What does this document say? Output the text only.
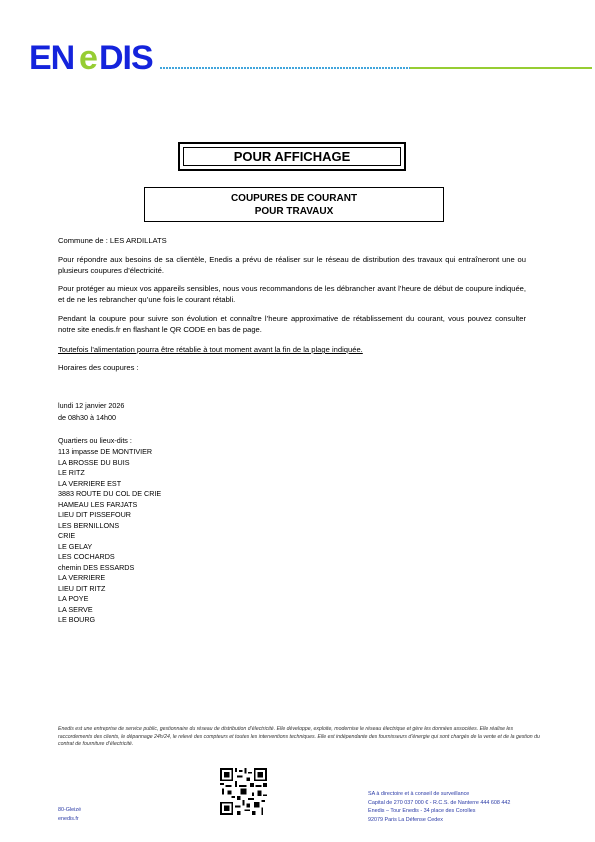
EN e DIS
POUR AFFICHAGE
COUPURES DE COURANT
POUR TRAVAUX
Commune de : LES ARDILLATS
Pour répondre aux besoins de sa clientèle, Enedis a prévu de réaliser sur le réseau de distribution des travaux qui entraîneront une ou plusieurs coupures d’électricité.
Pour protéger au mieux vos appareils sensibles, nous vous recommandons de les débrancher avant l’heure de début de coupure indiquée, et de ne les rebrancher qu’une fois le courant rétabli.
Pendant la coupure pour suivre son évolution et connaître l’heure approximative de rétablissement du courant, vous pouvez consulter notre site enedis.fr en flashant le QR CODE en bas de page.
Toutefois l’alimentation pourra être rétablie à tout moment avant la fin de la plage indiquée.
Horaires des coupures :
lundi 12 janvier 2026
de 08h30 à 14h00
Quartiers ou lieux-dits :
113 impasse DE MONTIVIER
LA BROSSE DU BUIS
LE RITZ
LA VERRIERE EST
3883 ROUTE DU COL DE CRIE
HAMEAU LES FARJATS
LIEU DIT PISSEFOUR
LES BERNILLONS
CRIE
LE GELAY
LES COCHARDS
chemin DES ESSARDS
LA VERRIERE
LIEU DIT RITZ
LA POYE
LA SERVE
LE BOURG
Enedis est une entreprise de service public, gestionnaire du réseau de distribution d’électricité. Elle développe, exploite, modernise le réseau électrique et gère les données associées. Elle réalise les raccordements des clients, le dépannage 24h/24, le relevé des compteurs et toutes les interventions techniques. Elle est indépendante des fournisseurs d’énergie qui sont chargés de la vente et de la gestion du contrat de fourniture d’électricité.
SA à directoire et à conseil de surveillance
Capital de 270 037 000 € - R.C.S. de Nanterre 444 608 442
Enedis – Tour Enedis - 34 place des Corolles
92079 Paris La Défense Cedex
80-Gleizé
enedis.fr
